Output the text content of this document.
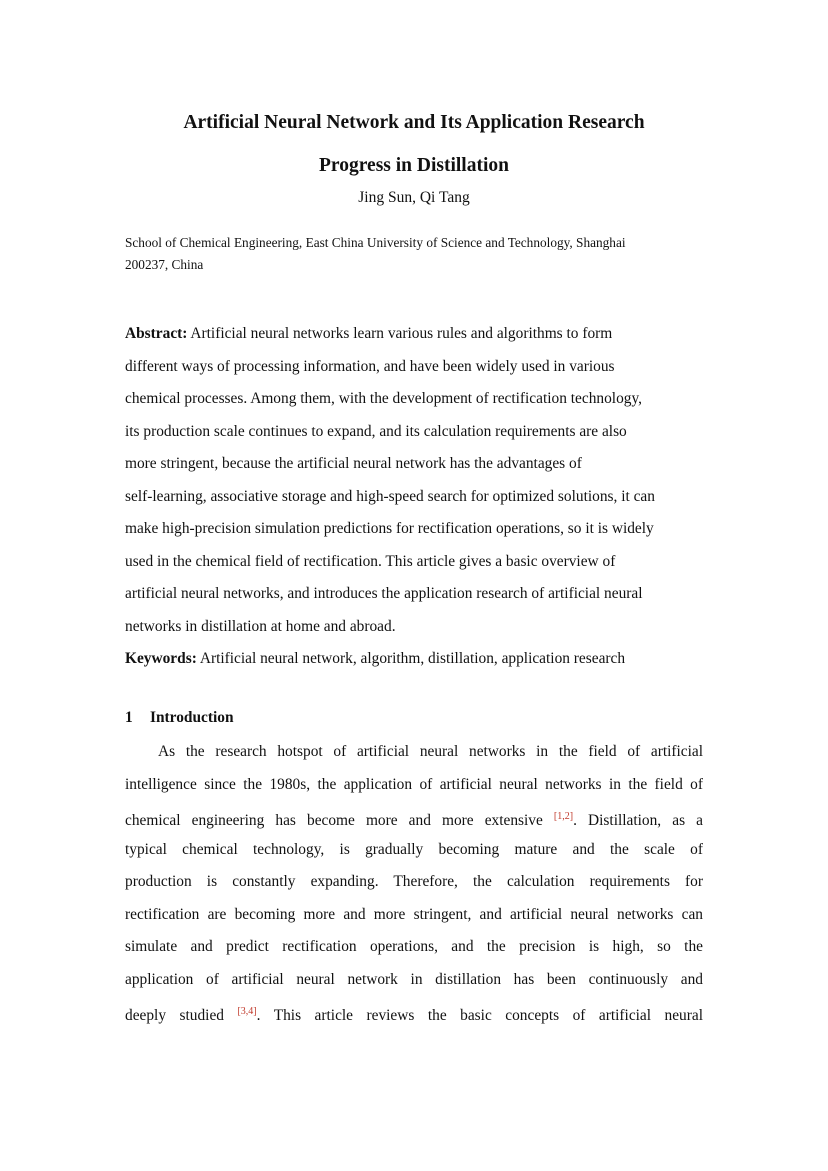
Artificial Neural Network and Its Application Research
Progress in Distillation
Jing Sun, Qi Tang
School of Chemical Engineering, East China University of Science and Technology, Shanghai
200237, China
Abstract: Artificial neural networks learn various rules and algorithms to form
different ways of processing information, and have been widely used in various
chemical processes. Among them, with the development of rectification technology,
its production scale continues to expand, and its calculation requirements are also
more stringent, because the artificial neural network has the advantages of
self-learning, associative storage and high-speed search for optimized solutions, it can
make high-precision simulation predictions for rectification operations, so it is widely
used in the chemical field of rectification. This article gives a basic overview of
artificial neural networks, and introduces the application research of artificial neural
networks in distillation at home and abroad.
Keywords: Artificial neural network, algorithm, distillation, application research
1 Introduction
As the research hotspot of artificial neural networks in the field of artificial
intelligence since the 1980s, the application of artificial neural networks in the field of
chemical engineering has become more and more extensive [1,2]. Distillation, as a
typical chemical technology, is gradually becoming mature and the scale of
production is constantly expanding. Therefore, the calculation requirements for
rectification are becoming more and more stringent, and artificial neural networks can
simulate and predict rectification operations, and the precision is high, so the
application of artificial neural network in distillation has been continuously and
deeply studied [3,4]. This article reviews the basic concepts of artificial neural
